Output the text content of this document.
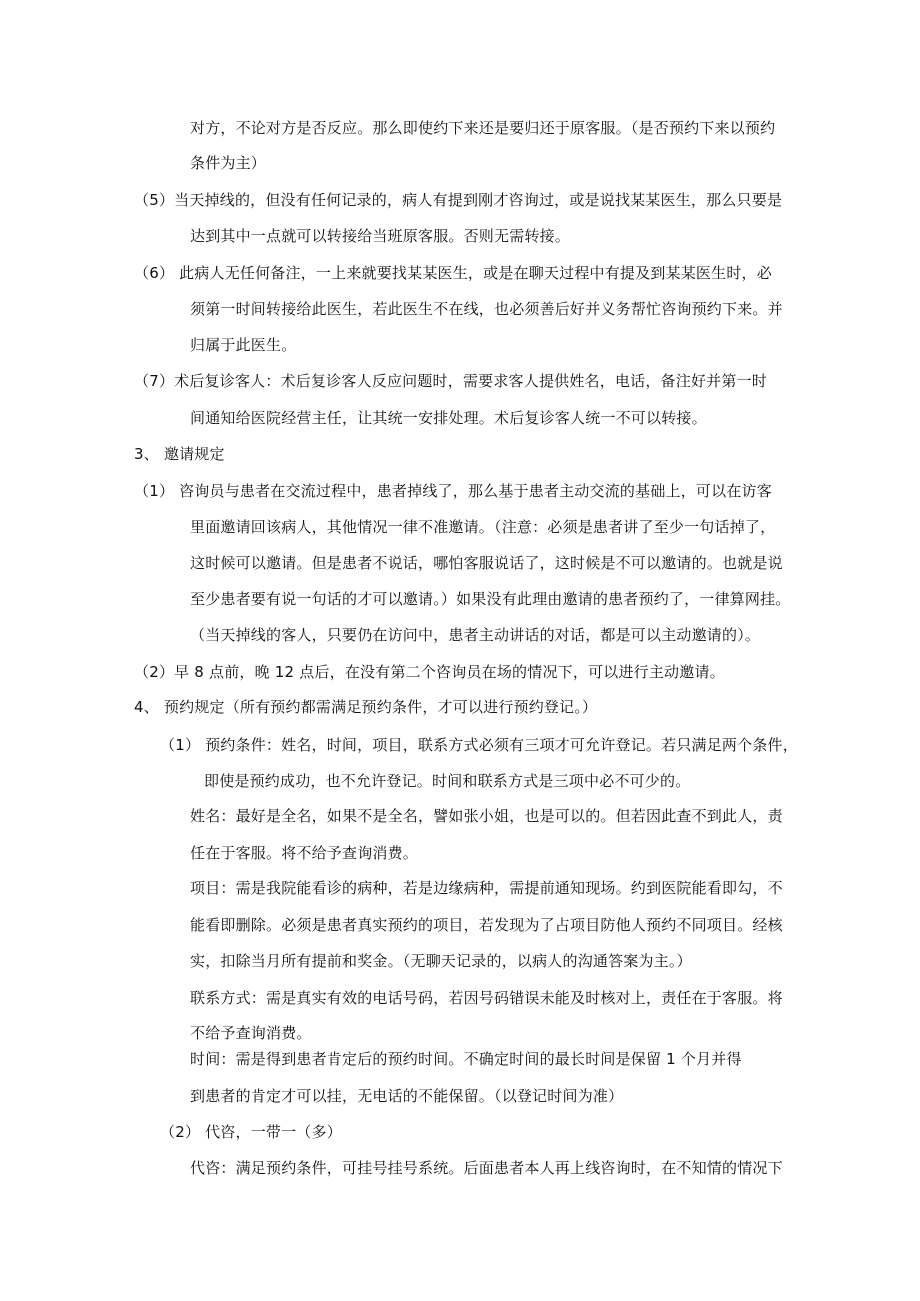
对方，不论对方是否反应。那么即使约下来还是要归还于原客服。（是否预约下来以预约
条件为主）
（5）当天掉线的，但没有任何记录的，病人有提到刚才咨询过，或是说找某某医生，那么只要是
达到其中一点就可以转接给当班原客服。否则无需转接。
（6） 此病人无任何备注，一上来就要找某某医生，或是在聊天过程中有提及到某某医生时，必
须第一时间转接给此医生，若此医生不在线，也必须善后好并义务帮忙咨询预约下来。并
归属于此医生。
（7）术后复诊客人：术后复诊客人反应问题时，需要求客人提供姓名，电话，备注好并第一时
间通知给医院经营主任，让其统一安排处理。术后复诊客人统一不可以转接。
3、 邀请规定
（1） 咨询员与患者在交流过程中，患者掉线了，那么基于患者主动交流的基础上，可以在访客
里面邀请回该病人，其他情况一律不准邀请。（注意：必须是患者讲了至少一句话掉了，
这时候可以邀请。但是患者不说话，哪怕客服说话了，这时候是不可以邀请的。也就是说
至少患者要有说一句话的才可以邀请。）如果没有此理由邀请的患者预约了，一律算网挂。
（当天掉线的客人，只要仍在访问中，患者主动讲话的对话，都是可以主动邀请的）。
（2）早 8 点前，晚 12 点后，在没有第二个咨询员在场的情况下，可以进行主动邀请。
4、 预约规定（所有预约都需满足预约条件，才可以进行预约登记。）
（1） 预约条件：姓名，时间，项目，联系方式必须有三项才可允许登记。若只满足两个条件，
即使是预约成功，也不允许登记。时间和联系方式是三项中必不可少的。
姓名：最好是全名，如果不是全名，譬如张小姐，也是可以的。但若因此查不到此人，责
任在于客服。将不给予查询消费。
项目：需是我院能看诊的病种，若是边缘病种，需提前通知现场。约到医院能看即勾，不
能看即删除。必须是患者真实预约的项目，若发现为了占项目防他人预约不同项目。经核
实，扣除当月所有提前和奖金。（无聊天记录的，以病人的沟通答案为主。）
联系方式：需是真实有效的电话号码，若因号码错误未能及时核对上，责任在于客服。将
不给予查询消费。
时间：需是得到患者肯定后的预约时间。不确定时间的最长时间是保留 1 个月并得
到患者的肯定才可以挂，无电话的不能保留。（以登记时间为准）
（2） 代咨，一带一（多）
代咨：满足预约条件，可挂号挂号系统。后面患者本人再上线咨询时，在不知情的情况下
